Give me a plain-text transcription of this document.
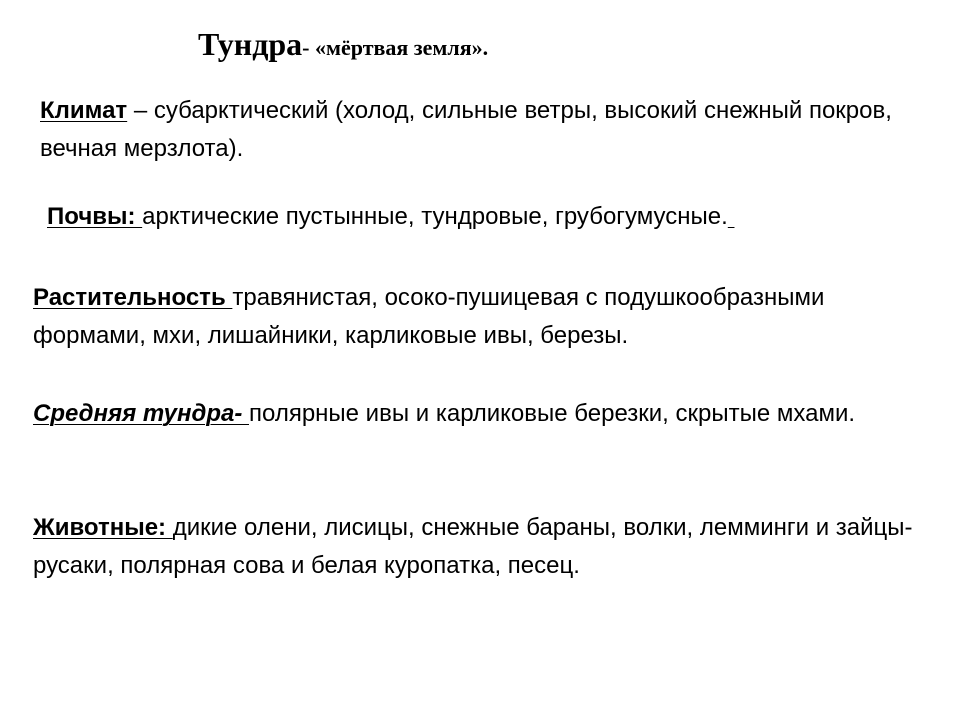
Тундра- «мёртвая земля».

Климат – субарктический (холод, сильные ветры, высокий снежный покров, вечная мерзлота).

Почвы: арктические пустынные, тундровые, грубогумусные.

Растительность травянистая, осоко-пушицевая с подушкообразными формами, мхи, лишайники, карликовые ивы, березы.

Средняя тундра- полярные ивы и карликовые березки, скрытые мхами.

Животные: дикие олени, лисицы, снежные бараны, волки, лемминги и зайцы-русаки, полярная сова и белая куропатка, песец.
